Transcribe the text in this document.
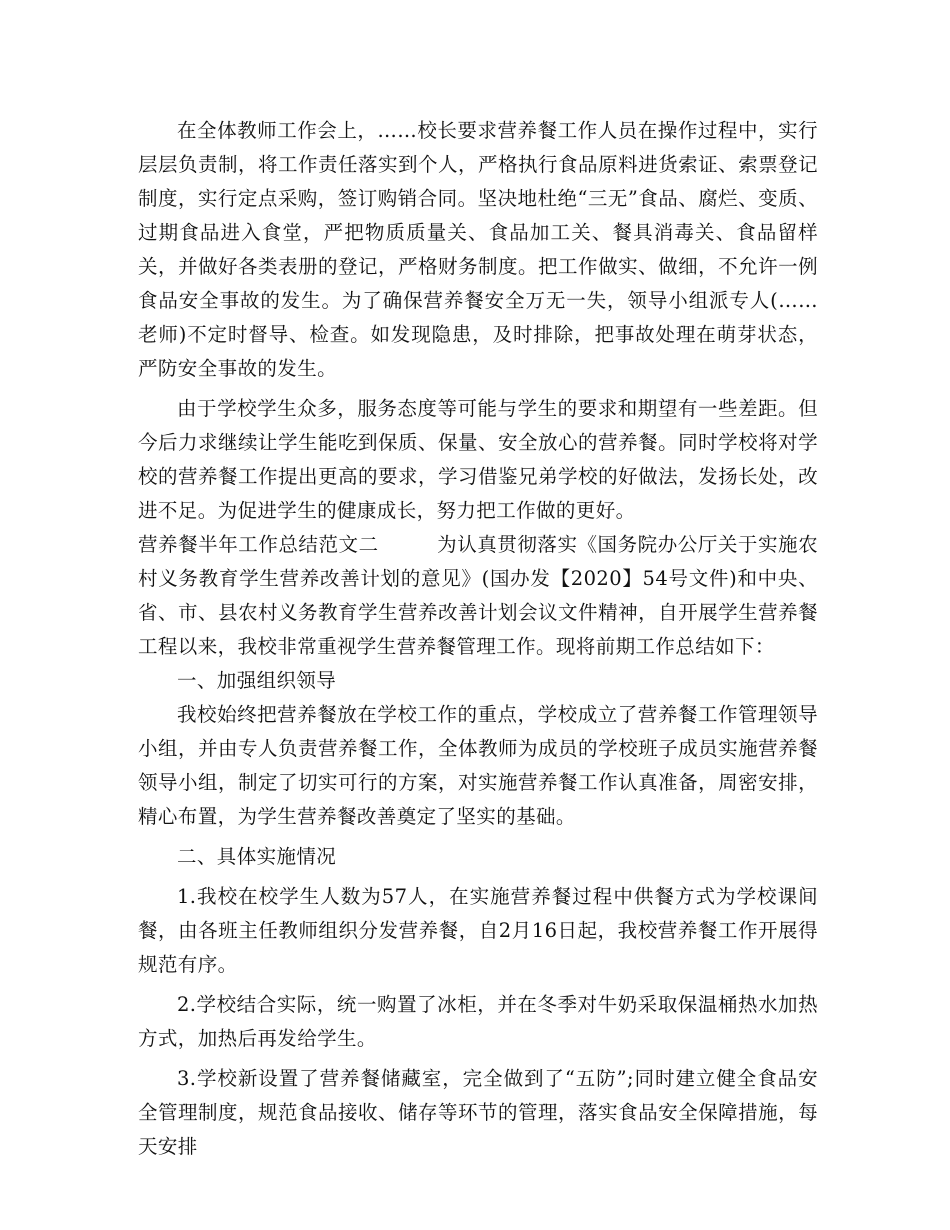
在全体教师工作会上，……校长要求营养餐工作人员在操作过程中，实行层层负责制，将工作责任落实到个人，严格执行食品原料进货索证、索票登记制度，实行定点采购，签订购销合同。坚决地杜绝“三无”食品、腐烂、变质、过期食品进入食堂，严把物质质量关、食品加工关、餐具消毒关、食品留样关，并做好各类表册的登记，严格财务制度。把工作做实、做细，不允许一例食品安全事故的发生。为了确保营养餐安全万无一失，领导小组派专人(……老师)不定时督导、检查。如发现隐患，及时排除，把事故处理在萌芽状态，严防安全事故的发生。

由于学校学生众多，服务态度等可能与学生的要求和期望有一些差距。但今后力求继续让学生能吃到保质、保量、安全放心的营养餐。同时学校将对学校的营养餐工作提出更高的要求，学习借鉴兄弟学校的好做法，发扬长处，改进不足。为促进学生的健康成长，努力把工作做的更好。

营养餐半年工作总结范文二	为认真贯彻落实《国务院办公厅关于实施农村义务教育学生营养改善计划的意见》(国办发【2020】54号文件)和中央、省、市、县农村义务教育学生营养改善计划会议文件精神，自开展学生营养餐工程以来，我校非常重视学生营养餐管理工作。现将前期工作总结如下：

一、加强组织领导

我校始终把营养餐放在学校工作的重点，学校成立了营养餐工作管理领导小组，并由专人负责营养餐工作，全体教师为成员的学校班子成员实施营养餐领导小组，制定了切实可行的方案，对实施营养餐工作认真准备，周密安排，精心布置，为学生营养餐改善奠定了坚实的基础。

二、具体实施情况

1.我校在校学生人数为57人，在实施营养餐过程中供餐方式为学校课间餐，由各班主任教师组织分发营养餐，自2月16日起，我校营养餐工作开展得规范有序。

2.学校结合实际，统一购置了冰柜，并在冬季对牛奶采取保温桶热水加热方式，加热后再发给学生。

3.学校新设置了营养餐储藏室，完全做到了“五防”;同时建立健全食品安全管理制度，规范食品接收、储存等环节的管理，落实食品安全保障措施，每天安排
